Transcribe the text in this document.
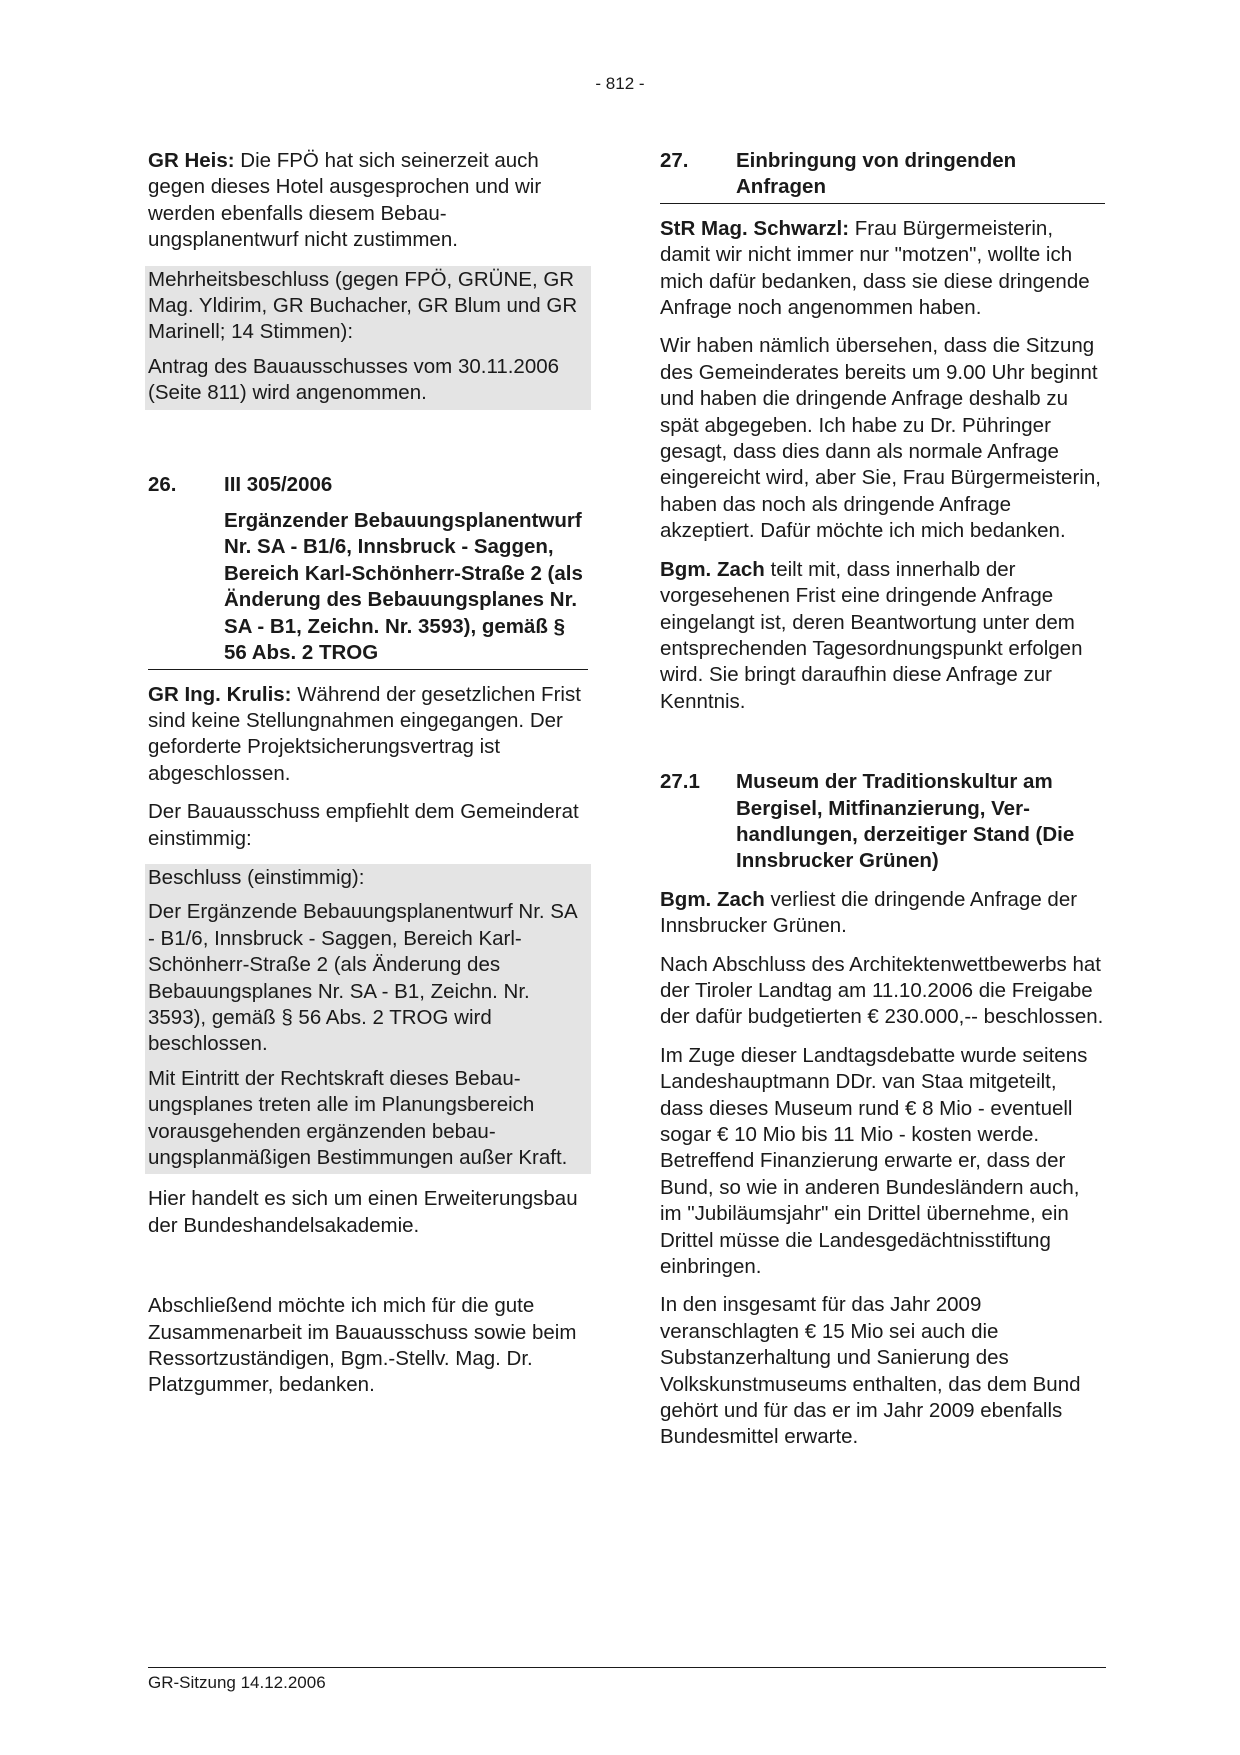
- 812 -

GR Heis: Die FPÖ hat sich seinerzeit auch gegen dieses Hotel ausgesprochen und wir werden ebenfalls diesem Bebauungsplanentwurf nicht zustimmen.

Mehrheitsbeschluss (gegen FPÖ, GRÜNE, GR Mag. Yldirim, GR Buchacher, GR Blum und GR Marinell; 14 Stimmen):

Antrag des Bauausschusses vom 30.11.2006 (Seite 811) wird angenommen.

26.	III 305/2006
Ergänzender Bebauungsplanentwurf Nr. SA - B1/6, Innsbruck - Saggen, Bereich Karl-Schönherr-Straße 2 (als Änderung des Bebauungsplanes Nr. SA - B1, Zeichn. Nr. 3593), gemäß § 56 Abs. 2 TROG

GR Ing. Krulis: Während der gesetzlichen Frist sind keine Stellungnahmen eingegangen. Der geforderte Projektsicherungsvertrag ist abgeschlossen.

Der Bauausschuss empfiehlt dem Gemeinderat einstimmig:

Beschluss (einstimmig):

Der Ergänzende Bebauungsplanentwurf Nr. SA - B1/6, Innsbruck - Saggen, Bereich Karl-Schönherr-Straße 2 (als Änderung des Bebauungsplanes Nr. SA - B1, Zeichn. Nr. 3593), gemäß § 56 Abs. 2 TROG wird beschlossen.

Mit Eintritt der Rechtskraft dieses Bebauungsplanes treten alle im Planungsbereich vorausgehenden ergänzenden bebauungsplanmäßigen Bestimmungen außer Kraft.

Hier handelt es sich um einen Erweiterungsbau der Bundeshandelsakademie.

Abschließend möchte ich mich für die gute Zusammenarbeit im Bauausschuss sowie beim Ressortzuständigen, Bgm.-Stellv. Mag. Dr. Platzgummer, bedanken.

27.	Einbringung von dringenden Anfragen

StR Mag. Schwarzl: Frau Bürgermeisterin, damit wir nicht immer nur "motzen", wollte ich mich dafür bedanken, dass sie diese dringende Anfrage noch angenommen haben.

Wir haben nämlich übersehen, dass die Sitzung des Gemeinderates bereits um 9.00 Uhr beginnt und haben die dringende Anfrage deshalb zu spät abgegeben. Ich habe zu Dr. Pühringer gesagt, dass dies dann als normale Anfrage eingereicht wird, aber Sie, Frau Bürgermeisterin, haben das noch als dringende Anfrage akzeptiert. Dafür möchte ich mich bedanken.

Bgm. Zach teilt mit, dass innerhalb der vorgesehenen Frist eine dringende Anfrage eingelangt ist, deren Beantwortung unter dem entsprechenden Tagesordnungspunkt erfolgen wird. Sie bringt daraufhin diese Anfrage zur Kenntnis.

27.1	Museum der Traditionskultur am Bergisel, Mitfinanzierung, Verhandlungen, derzeitiger Stand (Die Innsbrucker Grünen)

Bgm. Zach verliest die dringende Anfrage der Innsbrucker Grünen.

Nach Abschluss des Architektenwettbewerbs hat der Tiroler Landtag am 11.10.2006 die Freigabe der dafür budgetierten € 230.000,-- beschlossen.

Im Zuge dieser Landtagsdebatte wurde seitens Landeshauptmann DDr. van Staa mitgeteilt, dass dieses Museum rund € 8 Mio - eventuell sogar € 10 Mio bis 11 Mio - kosten werde. Betreffend Finanzierung erwarte er, dass der Bund, so wie in anderen Bundesländern auch, im "Jubiläumsjahr" ein Drittel übernehme, ein Drittel müsse die Landesgedächtnisstiftung einbringen.

In den insgesamt für das Jahr 2009 veranschlagten € 15 Mio sei auch die Substanzerhaltung und Sanierung des Volkskunstmuseums enthalten, das dem Bund gehört und für das er im Jahr 2009 ebenfalls Bundesmittel erwarte.

GR-Sitzung 14.12.2006
